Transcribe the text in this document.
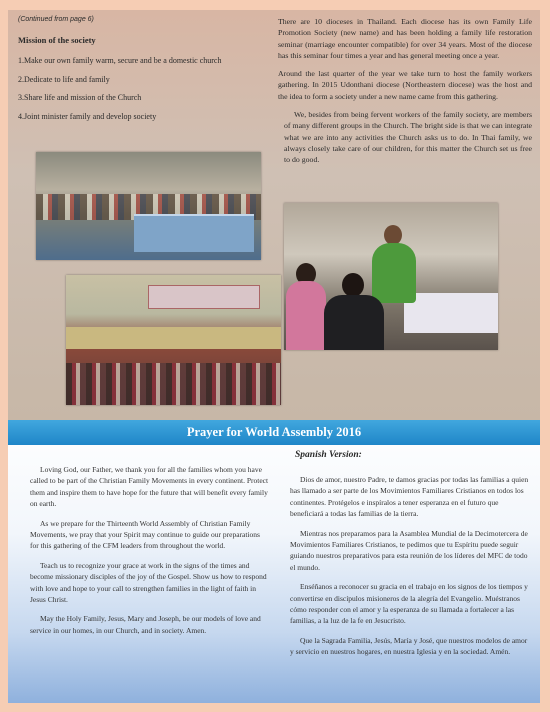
(Continued from page 6)
Mission of the society
1.Make our own family warm, secure and be a domestic church
2.Dedicate to life and family
3.Share life and mission of the Church
4.Joint minister family and develop society

There are 10 dioceses in Thailand. Each diocese has its own Family Life Promotion Society (new name) and has been holding a family life restoration seminar (marriage encounter compatible) for over 34 years. Most of the diocese has this seminar four times a year and has general meeting once a year.

Around the last quarter of the year we take turn to host the family workers gathering. In 2015 Udonthani diocese (Northeastern diocese) was the host and the idea to form a society under a new name came from this gathering.

We, besides from being fervent workers of the family society, are members of many different groups in the Church. The bright side is that we can integrate what we are into any activities the Church asks us to do. In Thai family, we always closely take care of our children, for this matter the Church set us free to do good.

Prayer for World Assembly 2016

Loving God, our Father, we thank you for all the families whom you have called to be part of the Christian Family Movements in every continent. Protect them and inspire them to have hope for the future that will benefit every family on earth.

As we prepare for the Thirteenth World Assembly of Christian Family Movements, we pray that your Spirit may continue to guide our preparations for this gathering of the CFM leaders from throughout the world.

Teach us to recognize your grace at work in the signs of the times and become missionary disciples of the joy of the Gospel. Show us how to respond with love and hope to your call to strengthen families in the light of faith in Jesus Christ.

May the Holy Family, Jesus, Mary and Joseph, be our models of love and service in our homes, in our Church, and in society. Amen.

Spanish Version:

Dios de amor, nuestro Padre, te damos gracias por todas las familias a quien has llamado a ser parte de los Movimientos Familiares Cristianos en todos los continentes. Protégelos e inspíralos a tener esperanza en el futuro que beneficiará a todas las familias de la tierra.

Mientras nos preparamos para la Asamblea Mundial de la Decimotercera de Movimientos Familiares Cristianos, te pedimos que tu Espíritu puede seguir guiando nuestros preparativos para esta reunión de los líderes del MFC de todo el mundo.

Enséñanos a reconocer su gracia en el trabajo en los signos de los tiempos y convertirse en discípulos misioneros de la alegría del Evangelio. Muéstranos cómo responder con el amor y la esperanza de su llamada a fortalecer a las familias, a la luz de la fe en Jesucristo.

Que la Sagrada Familia, Jesús, María y José, que nuestros modelos de amor y servicio en nuestros hogares, en nuestra Iglesia y en la sociedad. Amén.
